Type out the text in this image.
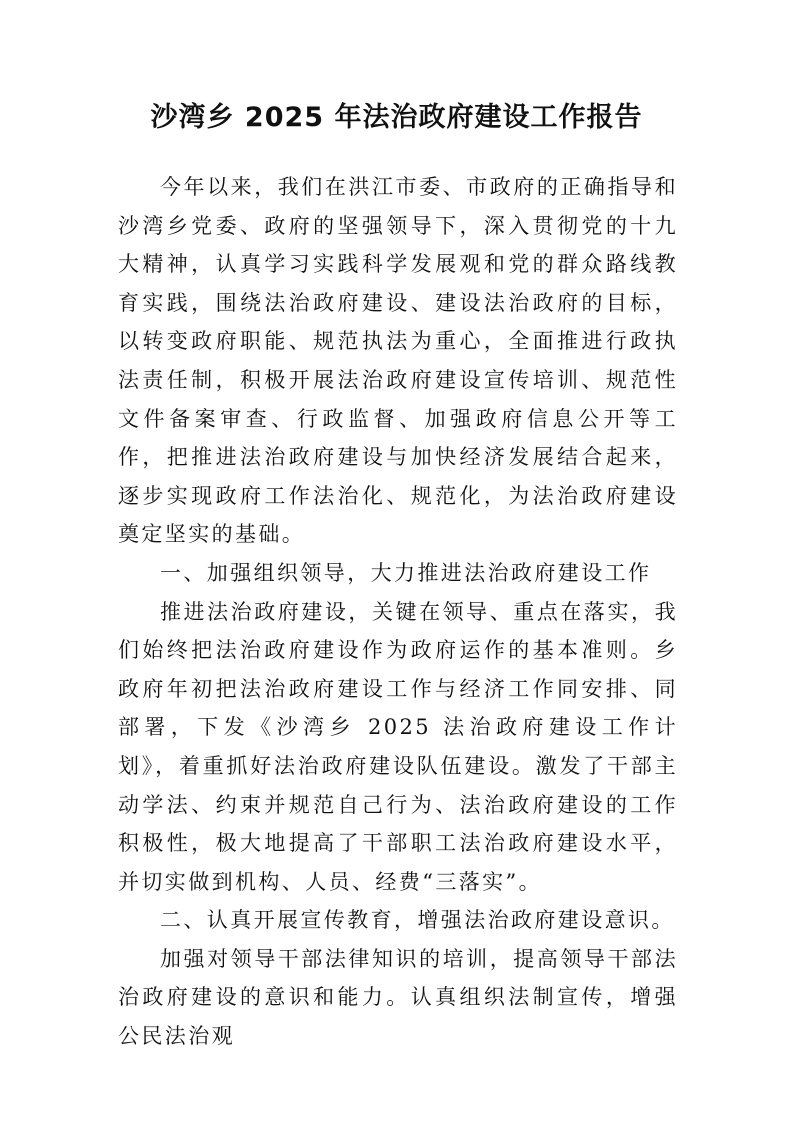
沙湾乡 2025 年法治政府建设工作报告

今年以来，我们在洪江市委、市政府的正确指导和沙湾乡党委、政府的坚强领导下，深入贯彻党的十九大精神，认真学习实践科学发展观和党的群众路线教育实践，围绕法治政府建设、建设法治政府的目标，以转变政府职能、规范执法为重心，全面推进行政执法责任制，积极开展法治政府建设宣传培训、规范性文件备案审查、行政监督、加强政府信息公开等工作，把推进法治政府建设与加快经济发展结合起来，逐步实现政府工作法治化、规范化，为法治政府建设奠定坚实的基础。

一、加强组织领导，大力推进法治政府建设工作

推进法治政府建设，关键在领导、重点在落实，我们始终把法治政府建设作为政府运作的基本准则。乡政府年初把法治政府建设工作与经济工作同安排、同部署，下发《沙湾乡 2025 法治政府建设工作计划》，着重抓好法治政府建设队伍建设。激发了干部主动学法、约束并规范自己行为、法治政府建设的工作积极性，极大地提高了干部职工法治政府建设水平，并切实做到机构、人员、经费“三落实”。

二、认真开展宣传教育，增强法治政府建设意识。

加强对领导干部法律知识的培训，提高领导干部法治政府建设的意识和能力。认真组织法制宣传，增强公民法治观
